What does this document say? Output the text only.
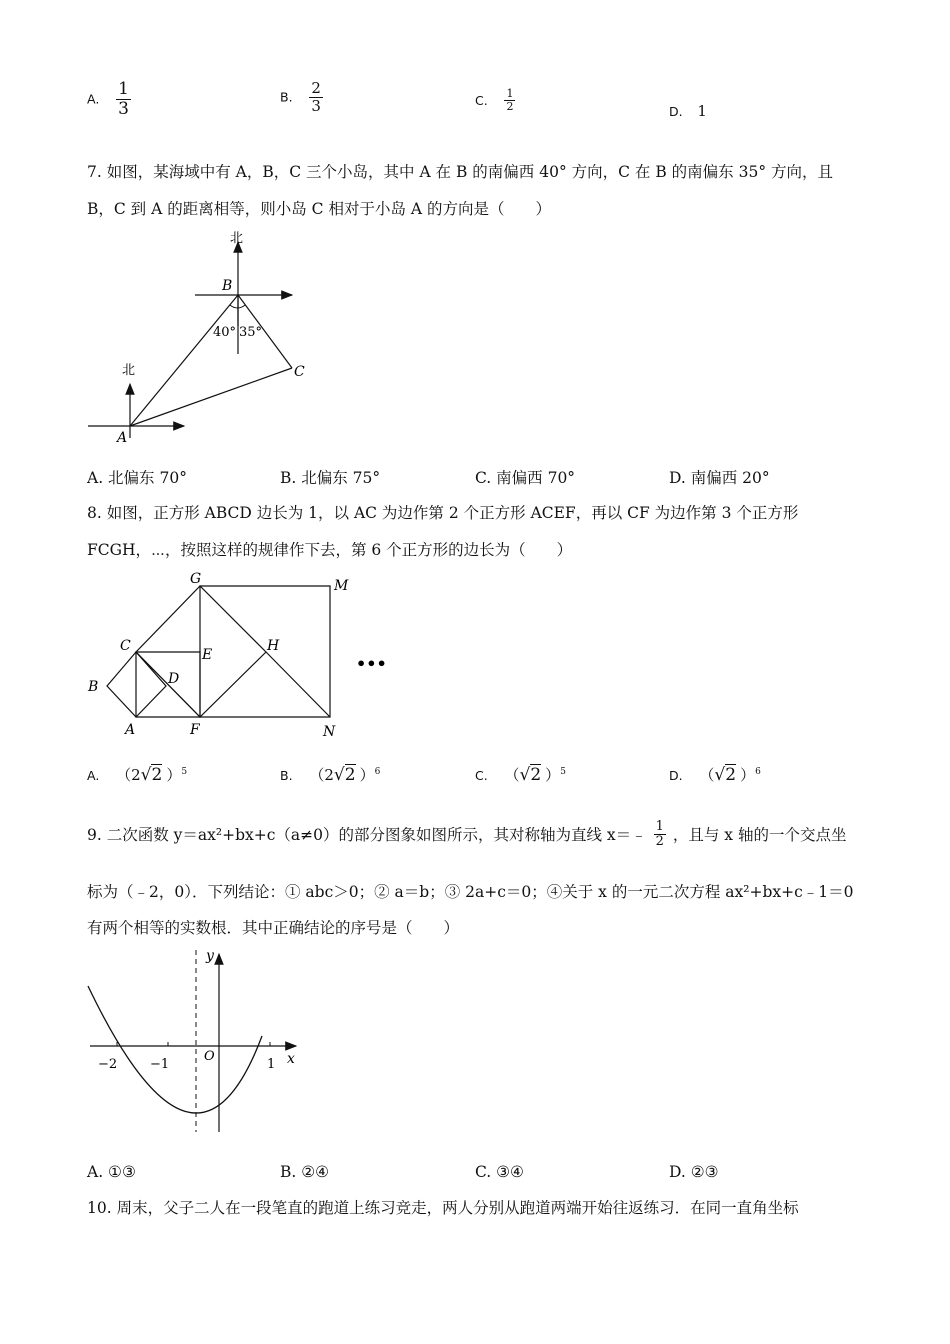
A. $\frac{1}{3}$	B. $\frac{2}{3}$	C. $\frac{1}{2}$	D. 1
7. 如图，某海域中有 A，B，C 三个小岛，其中 A 在 B 的南偏西 40° 方向，C 在 B 的南偏东 35° 方向，且
B，C 到 A 的距离相等，则小岛 C 相对于小岛 A 的方向是（　　）
北
北
B
A
C
40° 35°
A. 北偏东 70°	B. 北偏东 75°	C. 南偏西 70°	D. 南偏西 20°
8. 如图，正方形 ABCD 边长为 1，以 AC 为边作第 2 个正方形 ACEF，再以 CF 为边作第 3 个正方形
FCGH，⋯，按照这样的规律作下去，第 6 个正方形的边长为（　　）
G	M
C
E
H
B	D
A	F	N
•••
A. （2√2 ）$^5$	B. （2√2 ）$^6$	C. （√2 ）$^5$	D. （√2 ）$^6$
9. 二次函数 y＝ax²+bx+c（a≠0）的部分图象如图所示，其对称轴为直线 x＝﹣ $\frac{1}{2}$ ，且与 x 轴的一个交点坐
标为（﹣2，0）．下列结论：① abc＞0；② a＝b；③ 2a+c＝0；④关于 x 的一元二次方程 ax²+bx+c﹣1＝0
有两个相等的实数根．其中正确结论的序号是（　　）
y
x
O
−2	−1	1
A. ①③	B. ②④	C. ③④	D. ②③
10. 周末，父子二人在一段笔直的跑道上练习竞走，两人分别从跑道两端开始往返练习．在同一直角坐标
